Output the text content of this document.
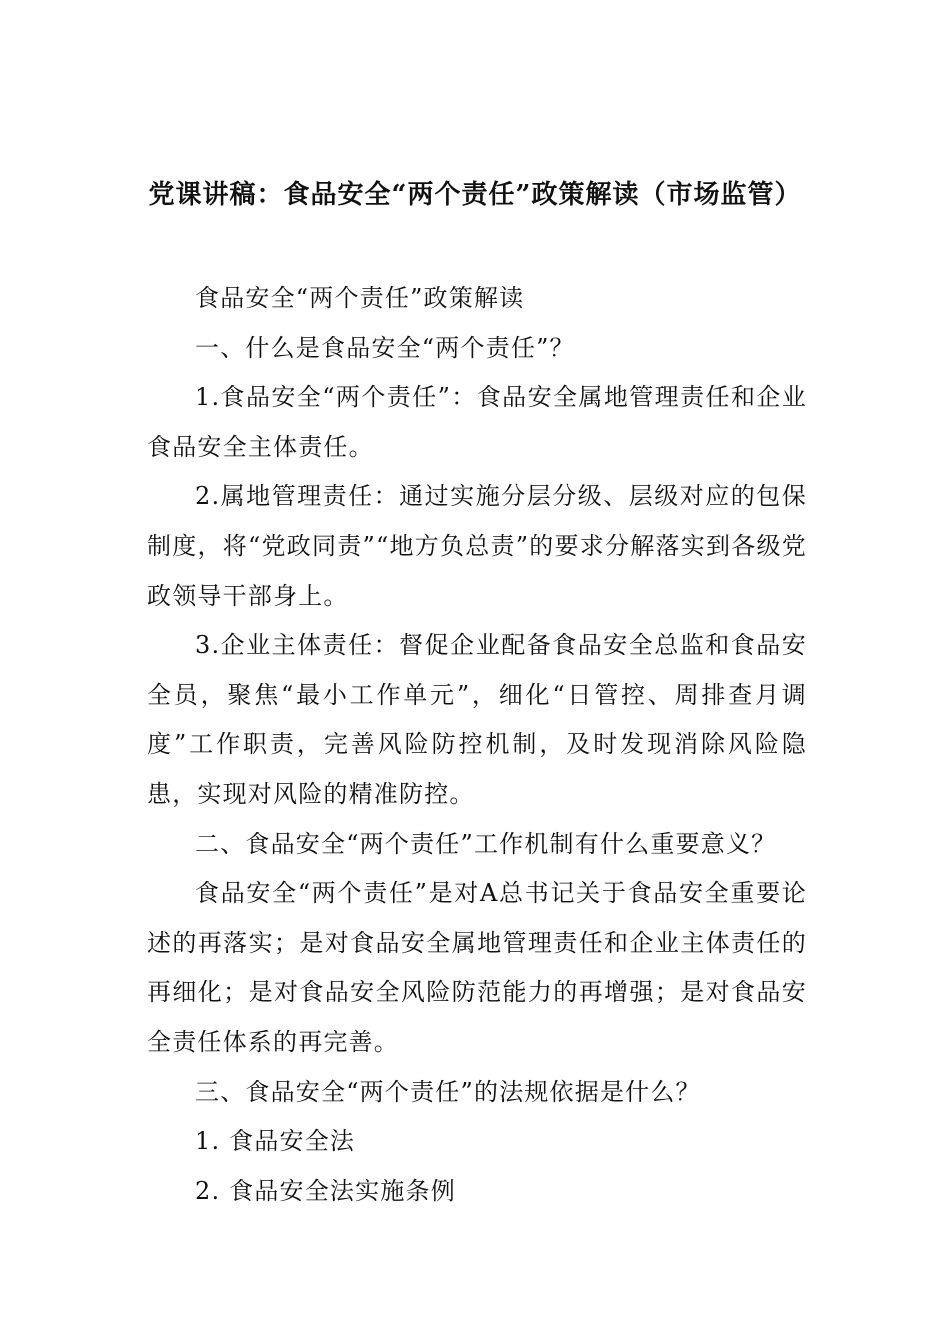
党课讲稿：食品安全“两个责任”政策解读（市场监管）

食品安全“两个责任”政策解读

一、什么是食品安全“两个责任”？

1.食品安全“两个责任”：食品安全属地管理责任和企业食品安全主体责任。

2.属地管理责任：通过实施分层分级、层级对应的包保制度，将“党政同责”“地方负总责”的要求分解落实到各级党政领导干部身上。

3.企业主体责任：督促企业配备食品安全总监和食品安全员，聚焦“最小工作单元”，细化“日管控、周排查月调度”工作职责，完善风险防控机制，及时发现消除风险隐患，实现对风险的精准防控。

二、食品安全“两个责任”工作机制有什么重要意义？

食品安全“两个责任”是对A总书记关于食品安全重要论述的再落实；是对食品安全属地管理责任和企业主体责任的再细化；是对食品安全风险防范能力的再增强；是对食品安全责任体系的再完善。

三、食品安全“两个责任”的法规依据是什么？

1. 食品安全法

2. 食品安全法实施条例
